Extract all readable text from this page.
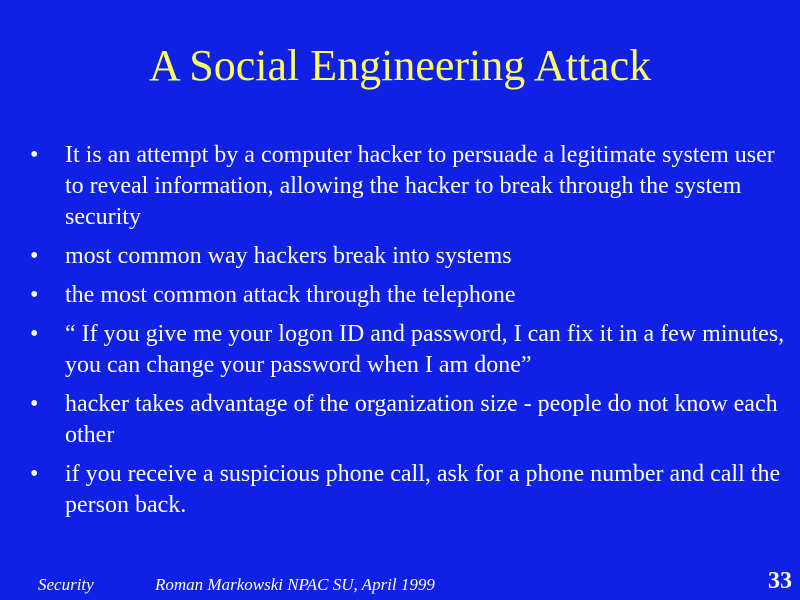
A Social Engineering Attack
•	It is an attempt by a computer hacker to persuade a legitimate system user to reveal information, allowing the hacker to break through the system security
•	most common way hackers break into systems
•	the most common attack through the telephone
•	“ If you give me your logon ID and password, I can fix it in a few minutes, you can change your password when I am done”
•	hacker takes advantage of the organization size - people do not know each other
•	if you receive a suspicious phone call, ask for a phone number and call the person back.
Security	Roman Markowski NPAC SU, April 1999	33
